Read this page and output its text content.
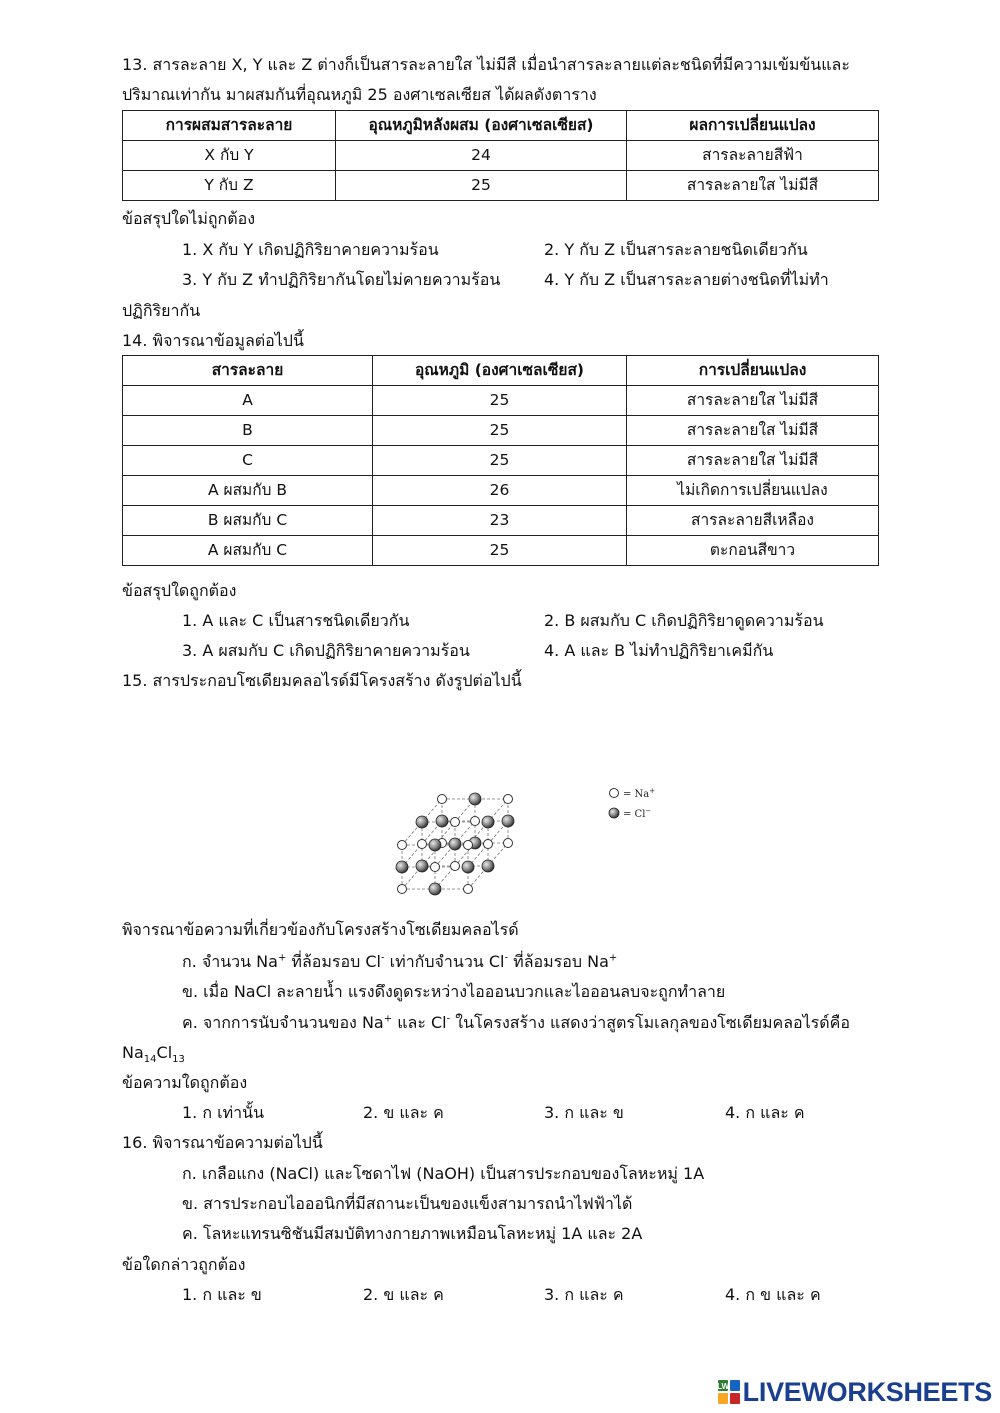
13. สารละลาย X, Y และ Z ต่างก็เป็นสารละลายใส ไม่มีสี เมื่อนำสารละลายแต่ละชนิดที่มีความเข้มข้นและ
ปริมาณเท่ากัน มาผสมกันที่อุณหภูมิ 25 องศาเซลเซียส ได้ผลดังตาราง
การผสมสารละลาย	อุณหภูมิหลังผสม (องศาเซลเซียส)	ผลการเปลี่ยนแปลง
X กับ Y	24	สารละลายสีฟ้า
Y กับ Z	25	สารละลายใส ไม่มีสี
ข้อสรุปใดไม่ถูกต้อง
1. X กับ Y เกิดปฏิกิริยาคายความร้อน	2. Y กับ Z เป็นสารละลายชนิดเดียวกัน
3. Y กับ Z ทำปฏิกิริยากันโดยไม่คายความร้อน	4. Y กับ Z เป็นสารละลายต่างชนิดที่ไม่ทำ
ปฏิกิริยากัน
14. พิจารณาข้อมูลต่อไปนี้
สารละลาย	อุณหภูมิ (องศาเซลเซียส)	การเปลี่ยนแปลง
A	25	สารละลายใส ไม่มีสี
B	25	สารละลายใส ไม่มีสี
C	25	สารละลายใส ไม่มีสี
A ผสมกับ B	26	ไม่เกิดการเปลี่ยนแปลง
B ผสมกับ C	23	สารละลายสีเหลือง
A ผสมกับ C	25	ตะกอนสีขาว
ข้อสรุปใดถูกต้อง
1. A และ C เป็นสารชนิดเดียวกัน	2. B ผสมกับ C เกิดปฏิกิริยาดูดความร้อน
3. A ผสมกับ C เกิดปฏิกิริยาคายความร้อน	4. A และ B ไม่ทำปฏิกิริยาเคมีกัน
15. สารประกอบโซเดียมคลอไรด์มีโครงสร้าง ดังรูปต่อไปนี้
= Na+
= Cl−
พิจารณาข้อความที่เกี่ยวข้องกับโครงสร้างโซเดียมคลอไรด์
ก. จำนวน Na+ ที่ล้อมรอบ Cl- เท่ากับจำนวน Cl- ที่ล้อมรอบ Na+
ข. เมื่อ NaCl ละลายน้ำ แรงดึงดูดระหว่างไอออนบวกและไอออนลบจะถูกทำลาย
ค. จากการนับจำนวนของ Na+ และ Cl- ในโครงสร้าง แสดงว่าสูตรโมเลกุลของโซเดียมคลอไรด์คือ
$Na_{14}Cl_{13}$
ข้อความใดถูกต้อง
1. ก เท่านั้น	2. ข และ ค	3. ก และ ข	4. ก และ ค
16. พิจารณาข้อความต่อไปนี้
ก. เกลือแกง (NaCl) และโซดาไฟ (NaOH) เป็นสารประกอบของโลหะหมู่ 1A
ข. สารประกอบไอออนิกที่มีสถานะเป็นของแข็งสามารถนำไฟฟ้าได้
ค. โลหะแทรนซิชันมีสมบัติทางกายภาพเหมือนโลหะหมู่ 1A และ 2A
ข้อใดกล่าวถูกต้อง
1. ก และ ข	2. ข และ ค	3. ก และ ค	4. ก ข และ ค
LW LIVEWORKSHEETS
